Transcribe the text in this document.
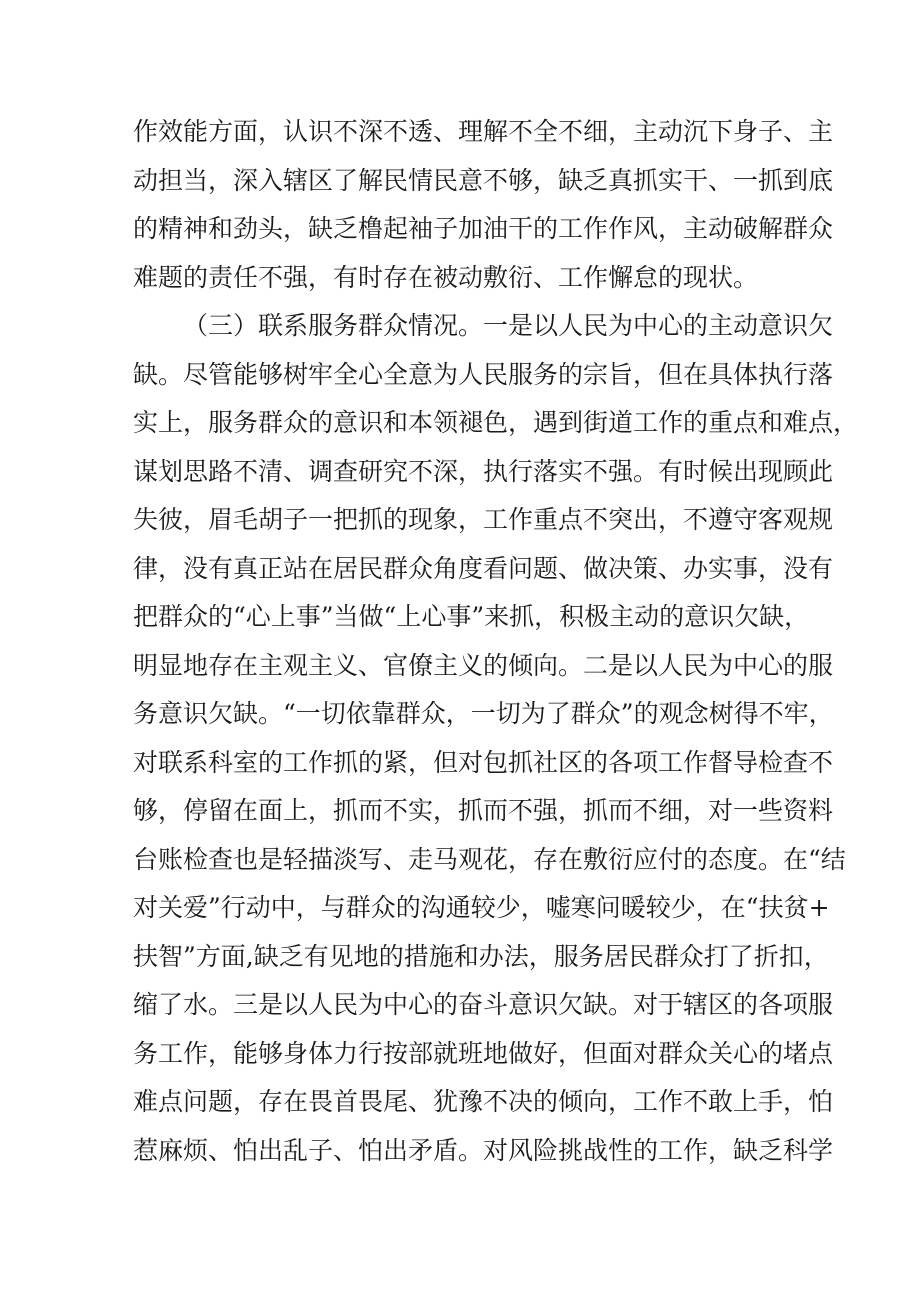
作效能方面，认识不深不透、理解不全不细，主动沉下身子、主
动担当，深入辖区了解民情民意不够，缺乏真抓实干、一抓到底
的精神和劲头，缺乏橹起袖子加油干的工作作风，主动破解群众
难题的责任不强，有时存在被动敷衍、工作懈怠的现状。
（三）联系服务群众情况。一是以人民为中心的主动意识欠
缺。尽管能够树牢全心全意为人民服务的宗旨，但在具体执行落
实上，服务群众的意识和本领褪色，遇到街道工作的重点和难点，
谋划思路不清、调查研究不深，执行落实不强。有时候出现顾此
失彼，眉毛胡子一把抓的现象，工作重点不突出，不遵守客观规
律，没有真正站在居民群众角度看问题、做决策、办实事，没有
把群众的“心上事”当做“上心事”来抓，积极主动的意识欠缺，
明显地存在主观主义、官僚主义的倾向。二是以人民为中心的服
务意识欠缺。“一切依靠群众，一切为了群众”的观念树得不牢，
对联系科室的工作抓的紧，但对包抓社区的各项工作督导检查不
够，停留在面上，抓而不实，抓而不强，抓而不细，对一些资料
台账检查也是轻描淡写、走马观花，存在敷衍应付的态度。在“结
对关爱”行动中，与群众的沟通较少，嘘寒问暖较少，在“扶贫+
扶智”方面,缺乏有见地的措施和办法，服务居民群众打了折扣，
缩了水。三是以人民为中心的奋斗意识欠缺。对于辖区的各项服
务工作，能够身体力行按部就班地做好，但面对群众关心的堵点
难点问题，存在畏首畏尾、犹豫不决的倾向，工作不敢上手，怕
惹麻烦、怕出乱子、怕出矛盾。对风险挑战性的工作，缺乏科学
